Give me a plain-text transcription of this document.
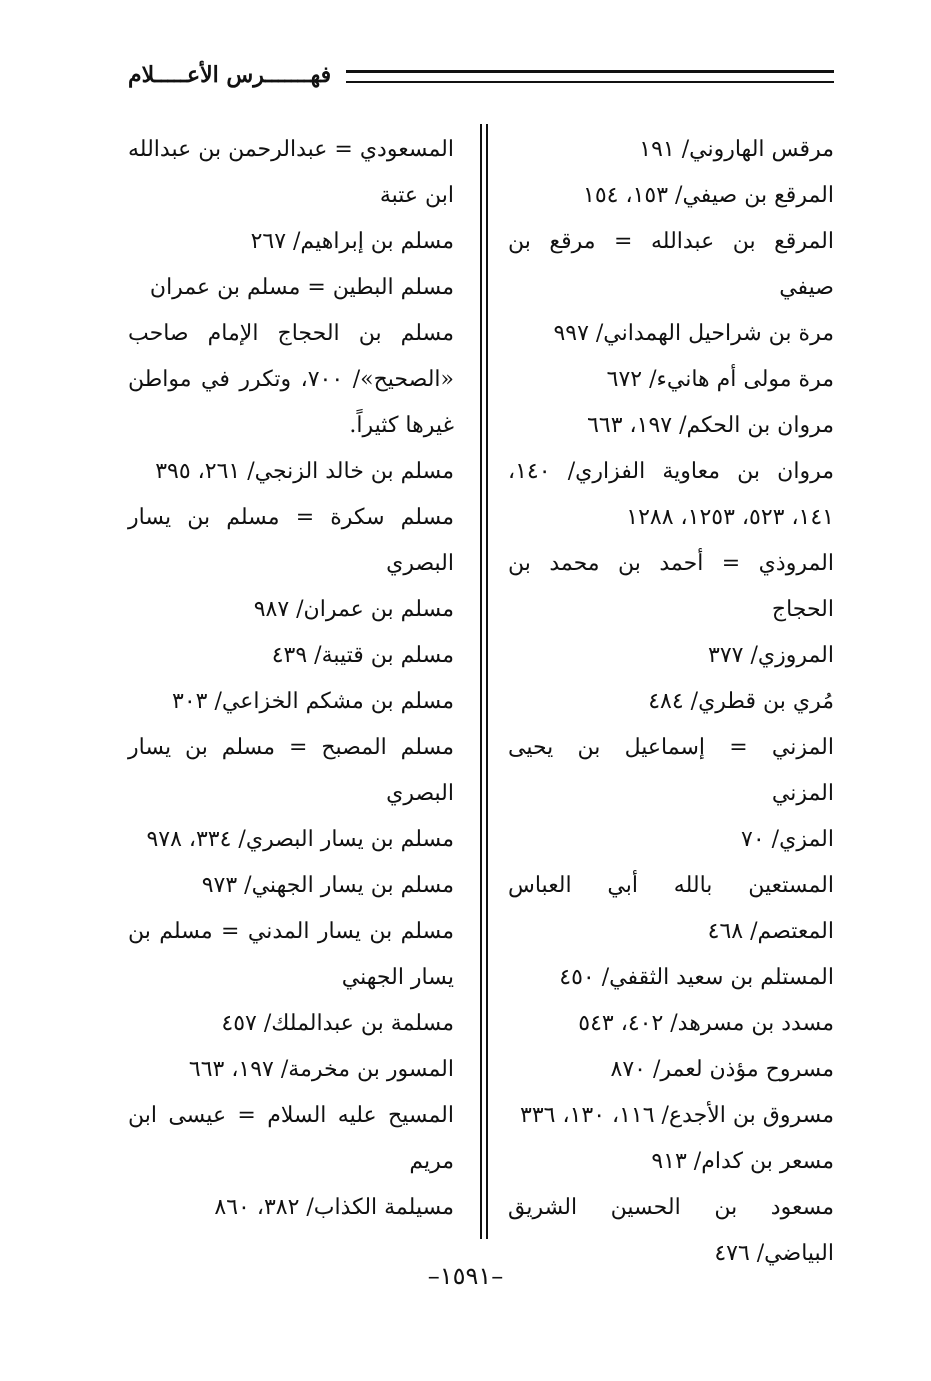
فهـــــــرس الأعـــــلام
مرقس الهاروني/ ١٩١
المرقع بن صيفي/ ١٥٣، ١٥٤
المرقع بن عبدالله = مرقع بن صيفي
مرة بن شراحيل الهمداني/ ٩٩٧
مرة مولى أم هانيء/ ٦٧٢
مروان بن الحكم/ ١٩٧، ٦٦٣
مروان بن معاوية الفزاري/ ١٤٠، ١٤١، ٥٢٣، ١٢٥٣، ١٢٨٨
المروذي = أحمد بن محمد بن الحجاج
المروزي/ ٣٧٧
مُري بن قطري/ ٤٨٤
المزني = إسماعيل بن يحيى المزني
المزي/ ٧٠
المستعين بالله أبي العباس المعتصم/ ٤٦٨
المستلم بن سعيد الثقفي/ ٤٥٠
مسدد بن مسرهد/ ٤٠٢، ٥٤٣
مسروح مؤذن لعمر/ ٨٧٠
مسروق بن الأجدع/ ١١٦، ١٣٠، ٣٣٦
مسعر بن كدام/ ٩١٣
مسعود بن الحسين الشريق البياضي/ ٤٧٦
المسعودي = عبدالرحمن بن عبدالله ابن عتبة
مسلم بن إبراهيم/ ٢٦٧
مسلم البطين = مسلم بن عمران
مسلم بن الحجاج الإمام صاحب «الصحيح»/ ٧٠٠، وتكرر في مواطن غيرها كثيراً.
مسلم بن خالد الزنجي/ ٢٦١، ٣٩٥
مسلم سكرة = مسلم بن يسار البصري
مسلم بن عمران/ ٩٨٧
مسلم بن قتيبة/ ٤٣٩
مسلم بن مشكم الخزاعي/ ٣٠٣
مسلم المصبح = مسلم بن يسار البصري
مسلم بن يسار البصري/ ٣٣٤، ٩٧٨
مسلم بن يسار الجهني/ ٩٧٣
مسلم بن يسار المدني = مسلم بن يسار الجهني
مسلمة بن عبدالملك/ ٤٥٧
المسور بن مخرمة/ ١٩٧، ٦٦٣
المسيح عليه السلام = عيسى ابن مريم
مسيلمة الكذاب/ ٣٨٢، ٨٦٠
–١٥٩١–
